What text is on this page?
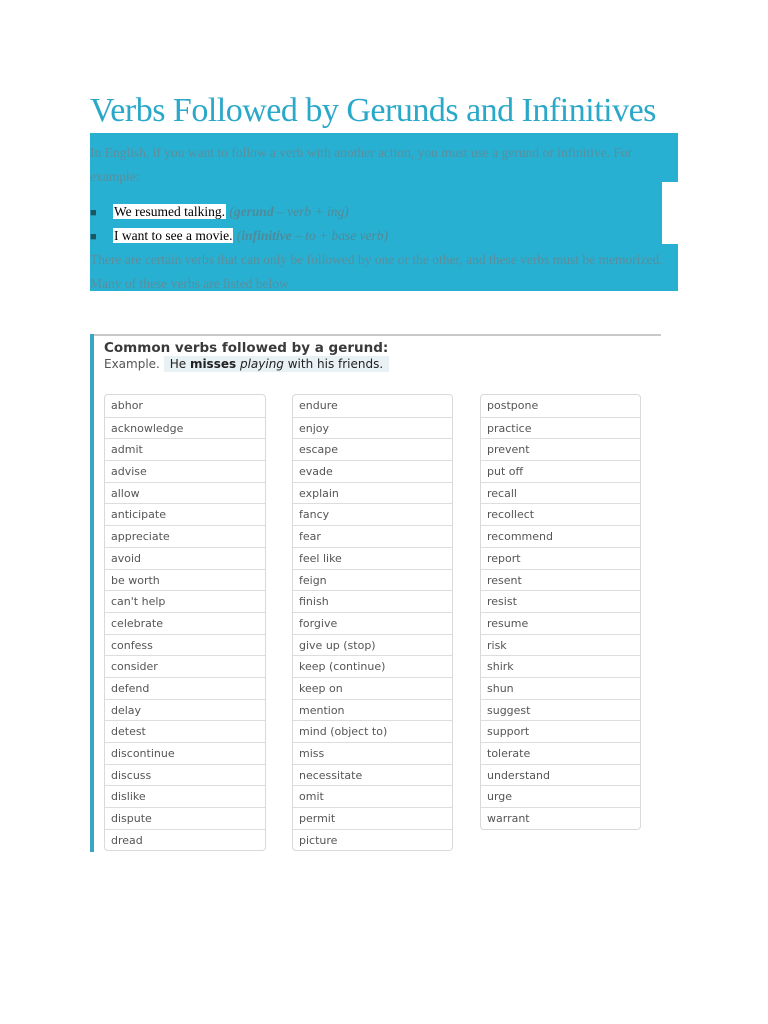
Verbs Followed by Gerunds and Infinitives

In English, if you want to follow a verb with another action, you must use a gerund or infinitive. For example:

■ We resumed talking. (gerund – verb + ing)
■ I want to see a movie. (infinitive – to + base verb)

There are certain verbs that can only be followed by one or the other, and these verbs must be memorized. Many of these verbs are listed below

Common verbs followed by a gerund:
Example. He misses playing with his friends.
abhor
acknowledge
admit
advise
allow
anticipate
appreciate
avoid
be worth
can't help
celebrate
confess
consider
defend
delay
detest
discontinue
discuss
dislike
dispute
dread
endure
enjoy
escape
evade
explain
fancy
fear
feel like
feign
finish
forgive
give up (stop)
keep (continue)
keep on
mention
mind (object to)
miss
necessitate
omit
permit
picture
postpone
practice
prevent
put off
recall
recollect
recommend
report
resent
resist
resume
risk
shirk
shun
suggest
support
tolerate
understand
urge
warrant
